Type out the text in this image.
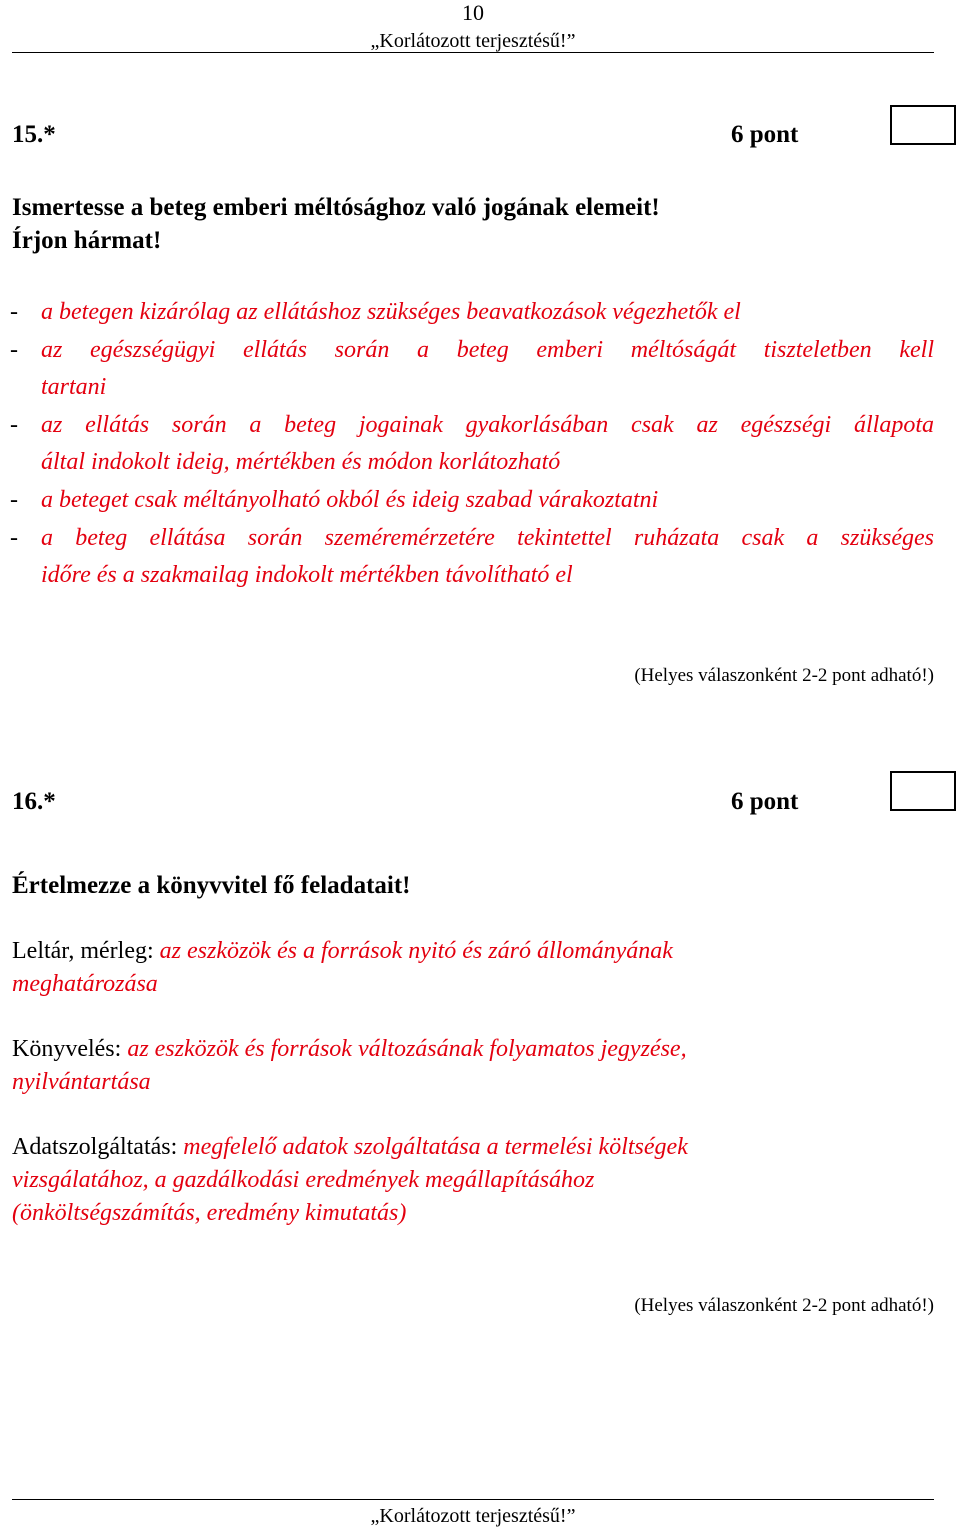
10
„Korlátozott terjesztésű!”
15.*	6 pont
Ismertesse a beteg emberi méltósághoz való jogának elemeit!
Írjon hármat!
- a betegen kizárólag az ellátáshoz szükséges beavatkozások végezhetők el
- az egészségügyi ellátás során a beteg emberi méltóságát tiszteletben kell
tartani
- az ellátás során a beteg jogainak gyakorlásában csak az egészségi állapota
által indokolt ideig, mértékben és módon korlátozható
- a beteget csak méltányolható okból és ideig szabad várakoztatni
- a beteg ellátása során szeméremérzetére tekintettel ruházata csak a szükséges
időre és a szakmailag indokolt mértékben távolítható el
(Helyes válaszonként 2-2 pont adható!)
16.*	6 pont
Értelmezze a könyvvitel fő feladatait!
Leltár, mérleg: az eszközök és a források nyitó és záró állományának
meghatározása
Könyvelés: az eszközök és források változásának folyamatos jegyzése,
nyilvántartása
Adatszolgáltatás: megfelelő adatok szolgáltatása a termelési költségek
vizsgálatához, a gazdálkodási eredmények megállapításához
(önköltségszámítás, eredmény kimutatás)
(Helyes válaszonként 2-2 pont adható!)
„Korlátozott terjesztésű!”
